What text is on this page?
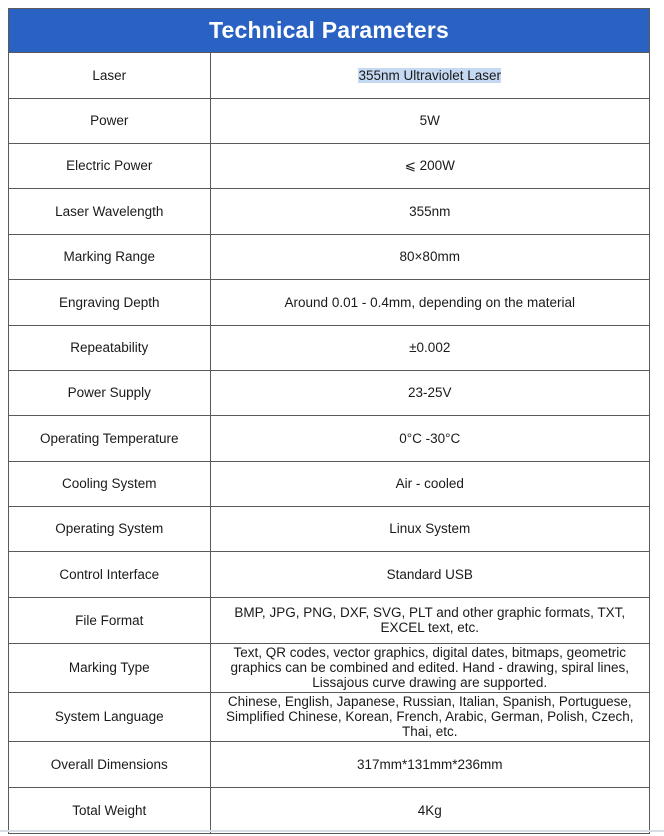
Technical Parameters
Laser	355nm Ultraviolet Laser
Power	5W
Electric Power	⩽ 200W
Laser Wavelength	355nm
Marking Range	80×80mm
Engraving Depth	Around 0.01 - 0.4mm, depending on the material
Repeatability	±0.002
Power Supply	23-25V
Operating Temperature	0°C -30°C
Cooling System	Air - cooled
Operating System	Linux System
Control Interface	Standard USB
File Format	BMP, JPG, PNG, DXF, SVG, PLT and other graphic formats, TXT, EXCEL text, etc.
Marking Type	Text, QR codes, vector graphics, digital dates, bitmaps, geometric graphics can be combined and edited. Hand - drawing, spiral lines, Lissajous curve drawing are supported.
System Language	Chinese, English, Japanese, Russian, Italian, Spanish, Portuguese, Simplified Chinese, Korean, French, Arabic, German, Polish, Czech, Thai, etc.
Overall Dimensions	317mm*131mm*236mm
Total Weight	4Kg
